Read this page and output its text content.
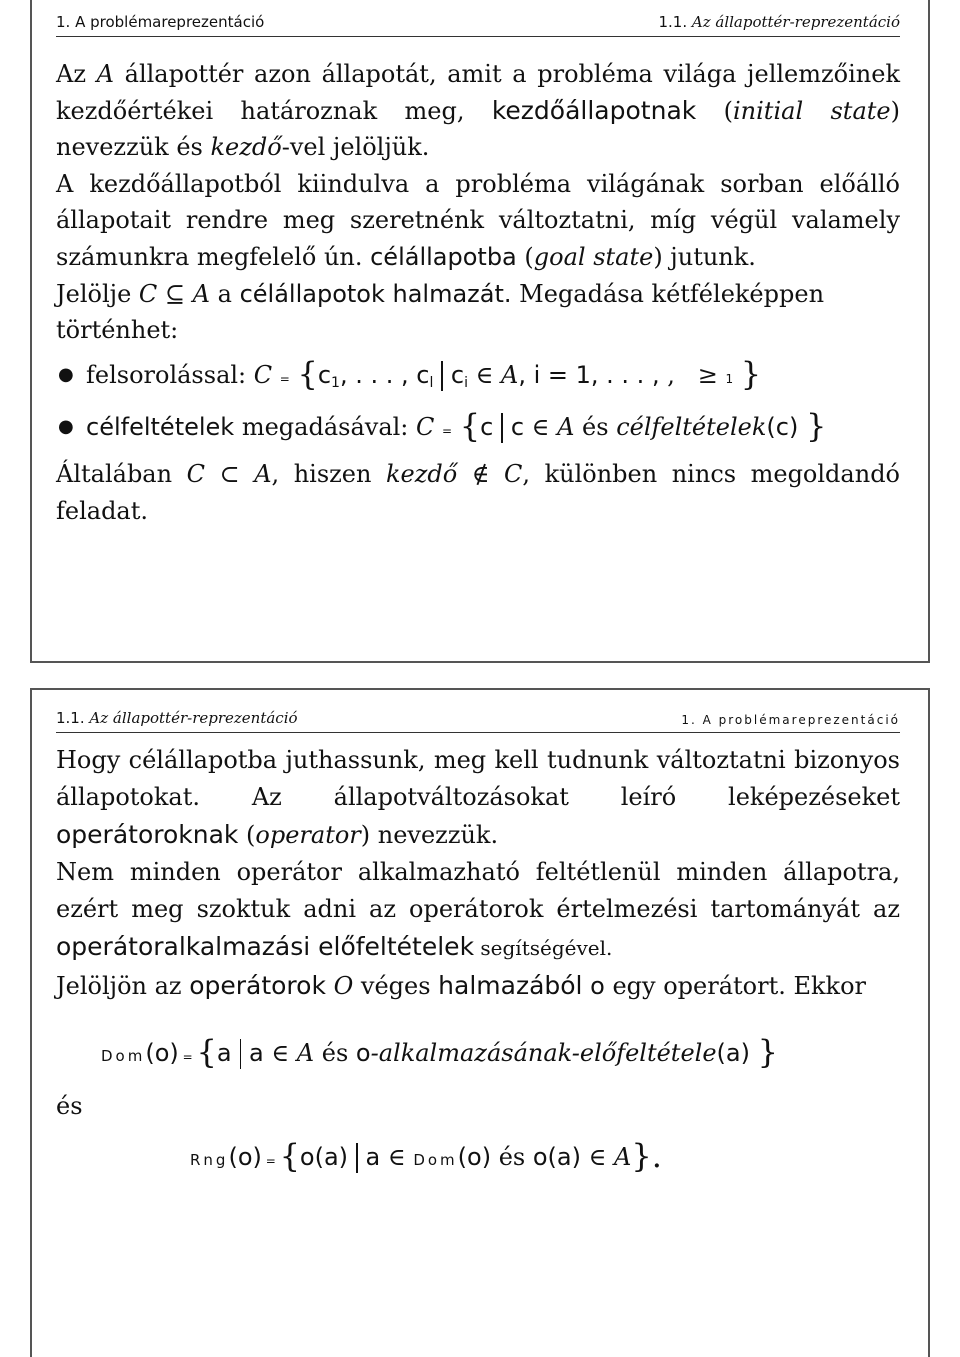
1. A problémareprezentáció	1.1. Az állapottér-reprezentáció

Az A állapottér azon állapotát, amit a probléma világa jellemzőinek kezdőértékei határoznak meg, kezdőállapotnak (initial state) nevezzük és kezdő-vel jelöljük.

A kezdőállapotból kiindulva a probléma világának sorban előálló állapotait rendre meg szeretnénk változtatni, míg végül valamely számunkra megfelelő ún. célállapotba (goal state) jutunk.

Jelölje C ⊆ A a célállapotok halmazát. Megadása kétféleképpen történhet:

● felsorolással: $C = \{c_1$, . . . , $c_l$ $c_i$ ∈ A, i = 1, . . . , ,   ≥ 1 }

● célfeltételek megadásával: C = {c c ∈ A és célfeltételek(c) }

Általában C ⊂ A, hiszen kezdő ∉ C, különben nincs megoldandó feladat.

1.1. Az állapottér-reprezentáció	1. A problémareprezentáció

Hogy célállapotba juthassunk, meg kell tudnunk változtatni bizonyos állapotokat. Az állapotváltozásokat leíró leképezéseket operátoroknak (operator) nevezzük.

Nem minden operátor alkalmazható feltétlenül minden állapotra, ezért meg szoktuk adni az operátorok értelmezési tartományát az operátoralkalmazási előfeltételek segítségével.

Jelöljön az operátorok O véges halmazából o egy operátort. Ekkor

Dom(o) = {a a ∈ A és o-alkalmazásának-előfeltétele(a) }

és

Rng(o) = {o(a) a ∈ Dom(o) és o(a) ∈ A}.
